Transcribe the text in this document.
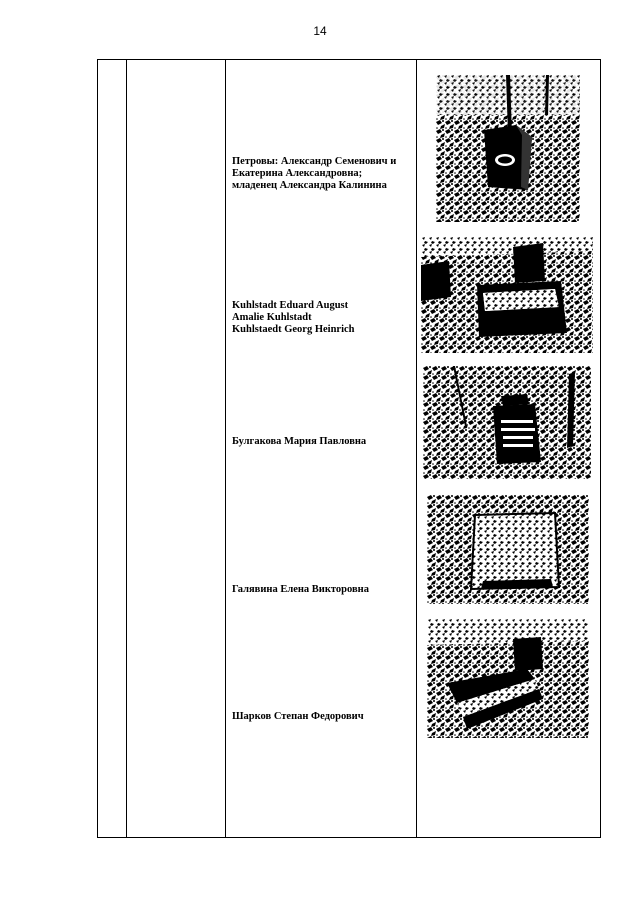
14
Петровы: Александр Семенович и
Екатерина Александровна;
младенец Александра Калинина
Kuhlstadt Eduard August
Amalie Kuhlstadt
Kuhlstaedt Georg Heinrich
Булгакова Мария Павловна
Галявина Елена Викторовна
Шарков Степан Федорович
